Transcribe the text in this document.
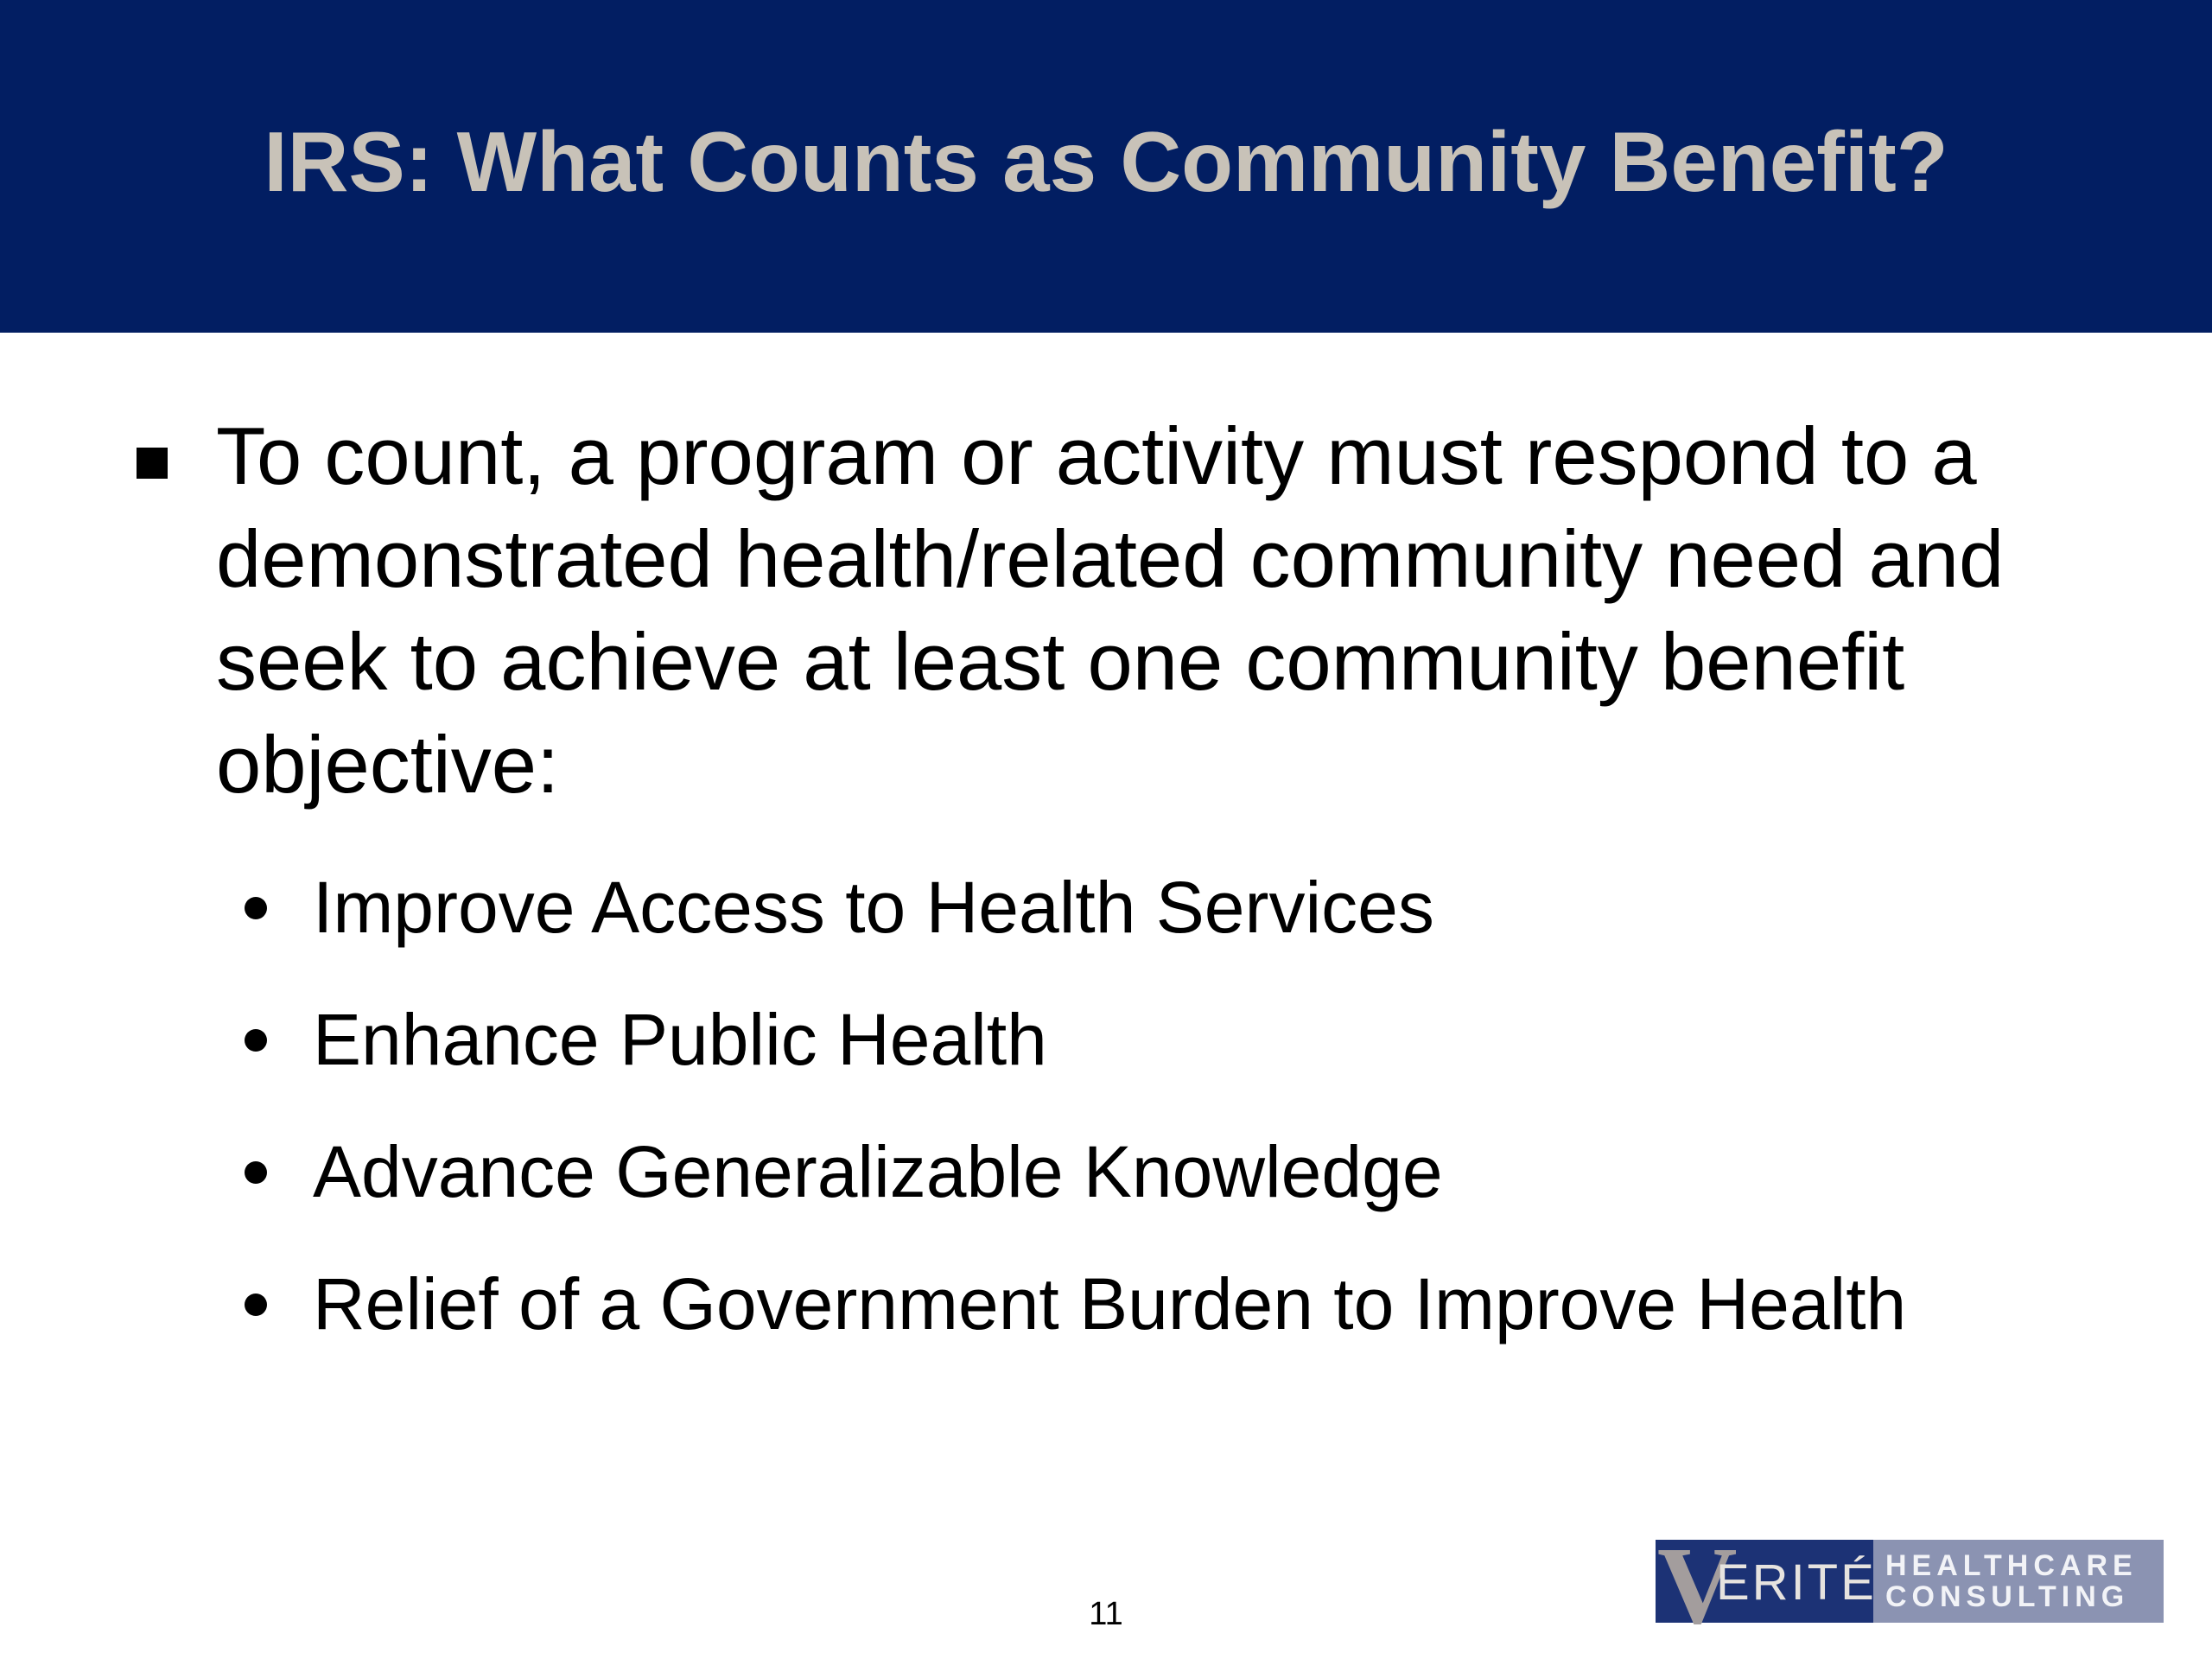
IRS: What Counts as Community Benefit?

To count, a program or activity must respond to a demonstrated health/related community need and seek to achieve at least one community benefit objective:

Improve Access to Health Services
Enhance Public Health
Advance Generalizable Knowledge
Relief of a Government Burden to Improve Health
11	V
ERITÉ HEALTHCARE
CONSULTING
